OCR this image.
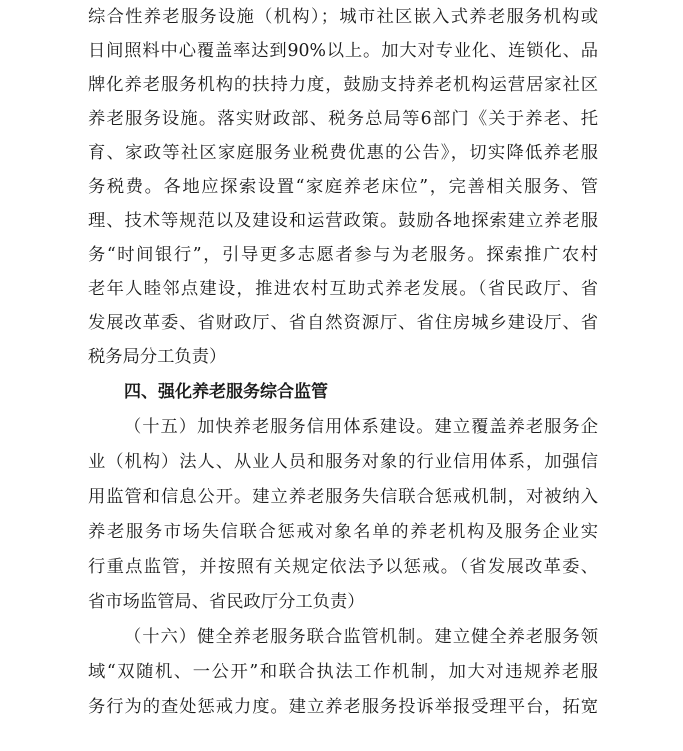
综合性养老服务设施（机构）；城市社区嵌入式养老服务机构或
日间照料中心覆盖率达到90%以上。加大对专业化、连锁化、品
牌化养老服务机构的扶持力度，鼓励支持养老机构运营居家社区
养老服务设施。落实财政部、税务总局等6部门《关于养老、托
育、家政等社区家庭服务业税费优惠的公告》，切实降低养老服
务税费。各地应探索设置“家庭养老床位”，完善相关服务、管
理、技术等规范以及建设和运营政策。鼓励各地探索建立养老服
务“时间银行”，引导更多志愿者参与为老服务。探索推广农村
老年人睦邻点建设，推进农村互助式养老发展。（省民政厅、省
发展改革委、省财政厅、省自然资源厅、省住房城乡建设厅、省
税务局分工负责）
四、强化养老服务综合监管
（十五）加快养老服务信用体系建设。建立覆盖养老服务企
业（机构）法人、从业人员和服务对象的行业信用体系，加强信
用监管和信息公开。建立养老服务失信联合惩戒机制，对被纳入
养老服务市场失信联合惩戒对象名单的养老机构及服务企业实
行重点监管，并按照有关规定依法予以惩戒。（省发展改革委、
省市场监管局、省民政厅分工负责）
（十六）健全养老服务联合监管机制。建立健全养老服务领
域“双随机、一公开”和联合执法工作机制，加大对违规养老服
务行为的查处惩戒力度。建立养老服务投诉举报受理平台，拓宽
